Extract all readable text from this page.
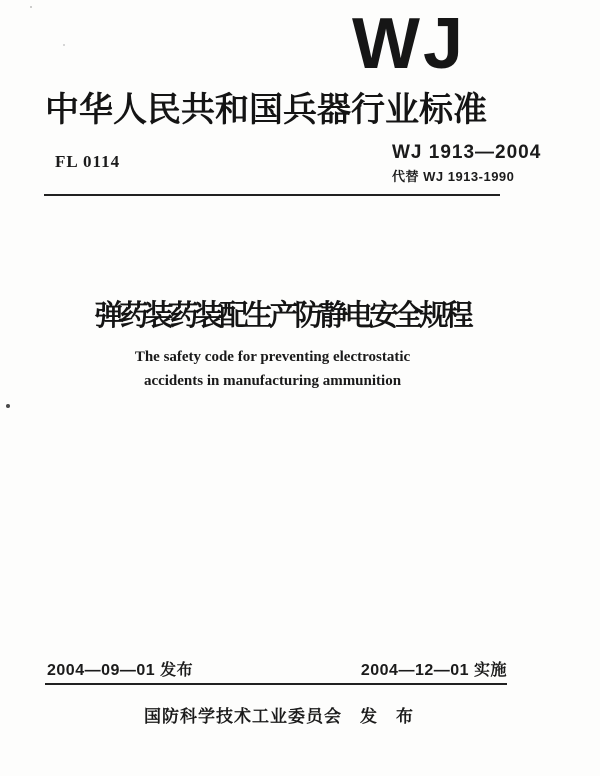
WJ
中华人民共和国兵器行业标准
FL 0114	WJ 1913—2004
代替 WJ 1913-1990
弹药装药装配生产防静电安全规程
The safety code for preventing electrostatic
accidents in manufacturing ammunition
2004—09—01 发布	2004—12—01 实施
国防科学技术工业委员会　发　布
